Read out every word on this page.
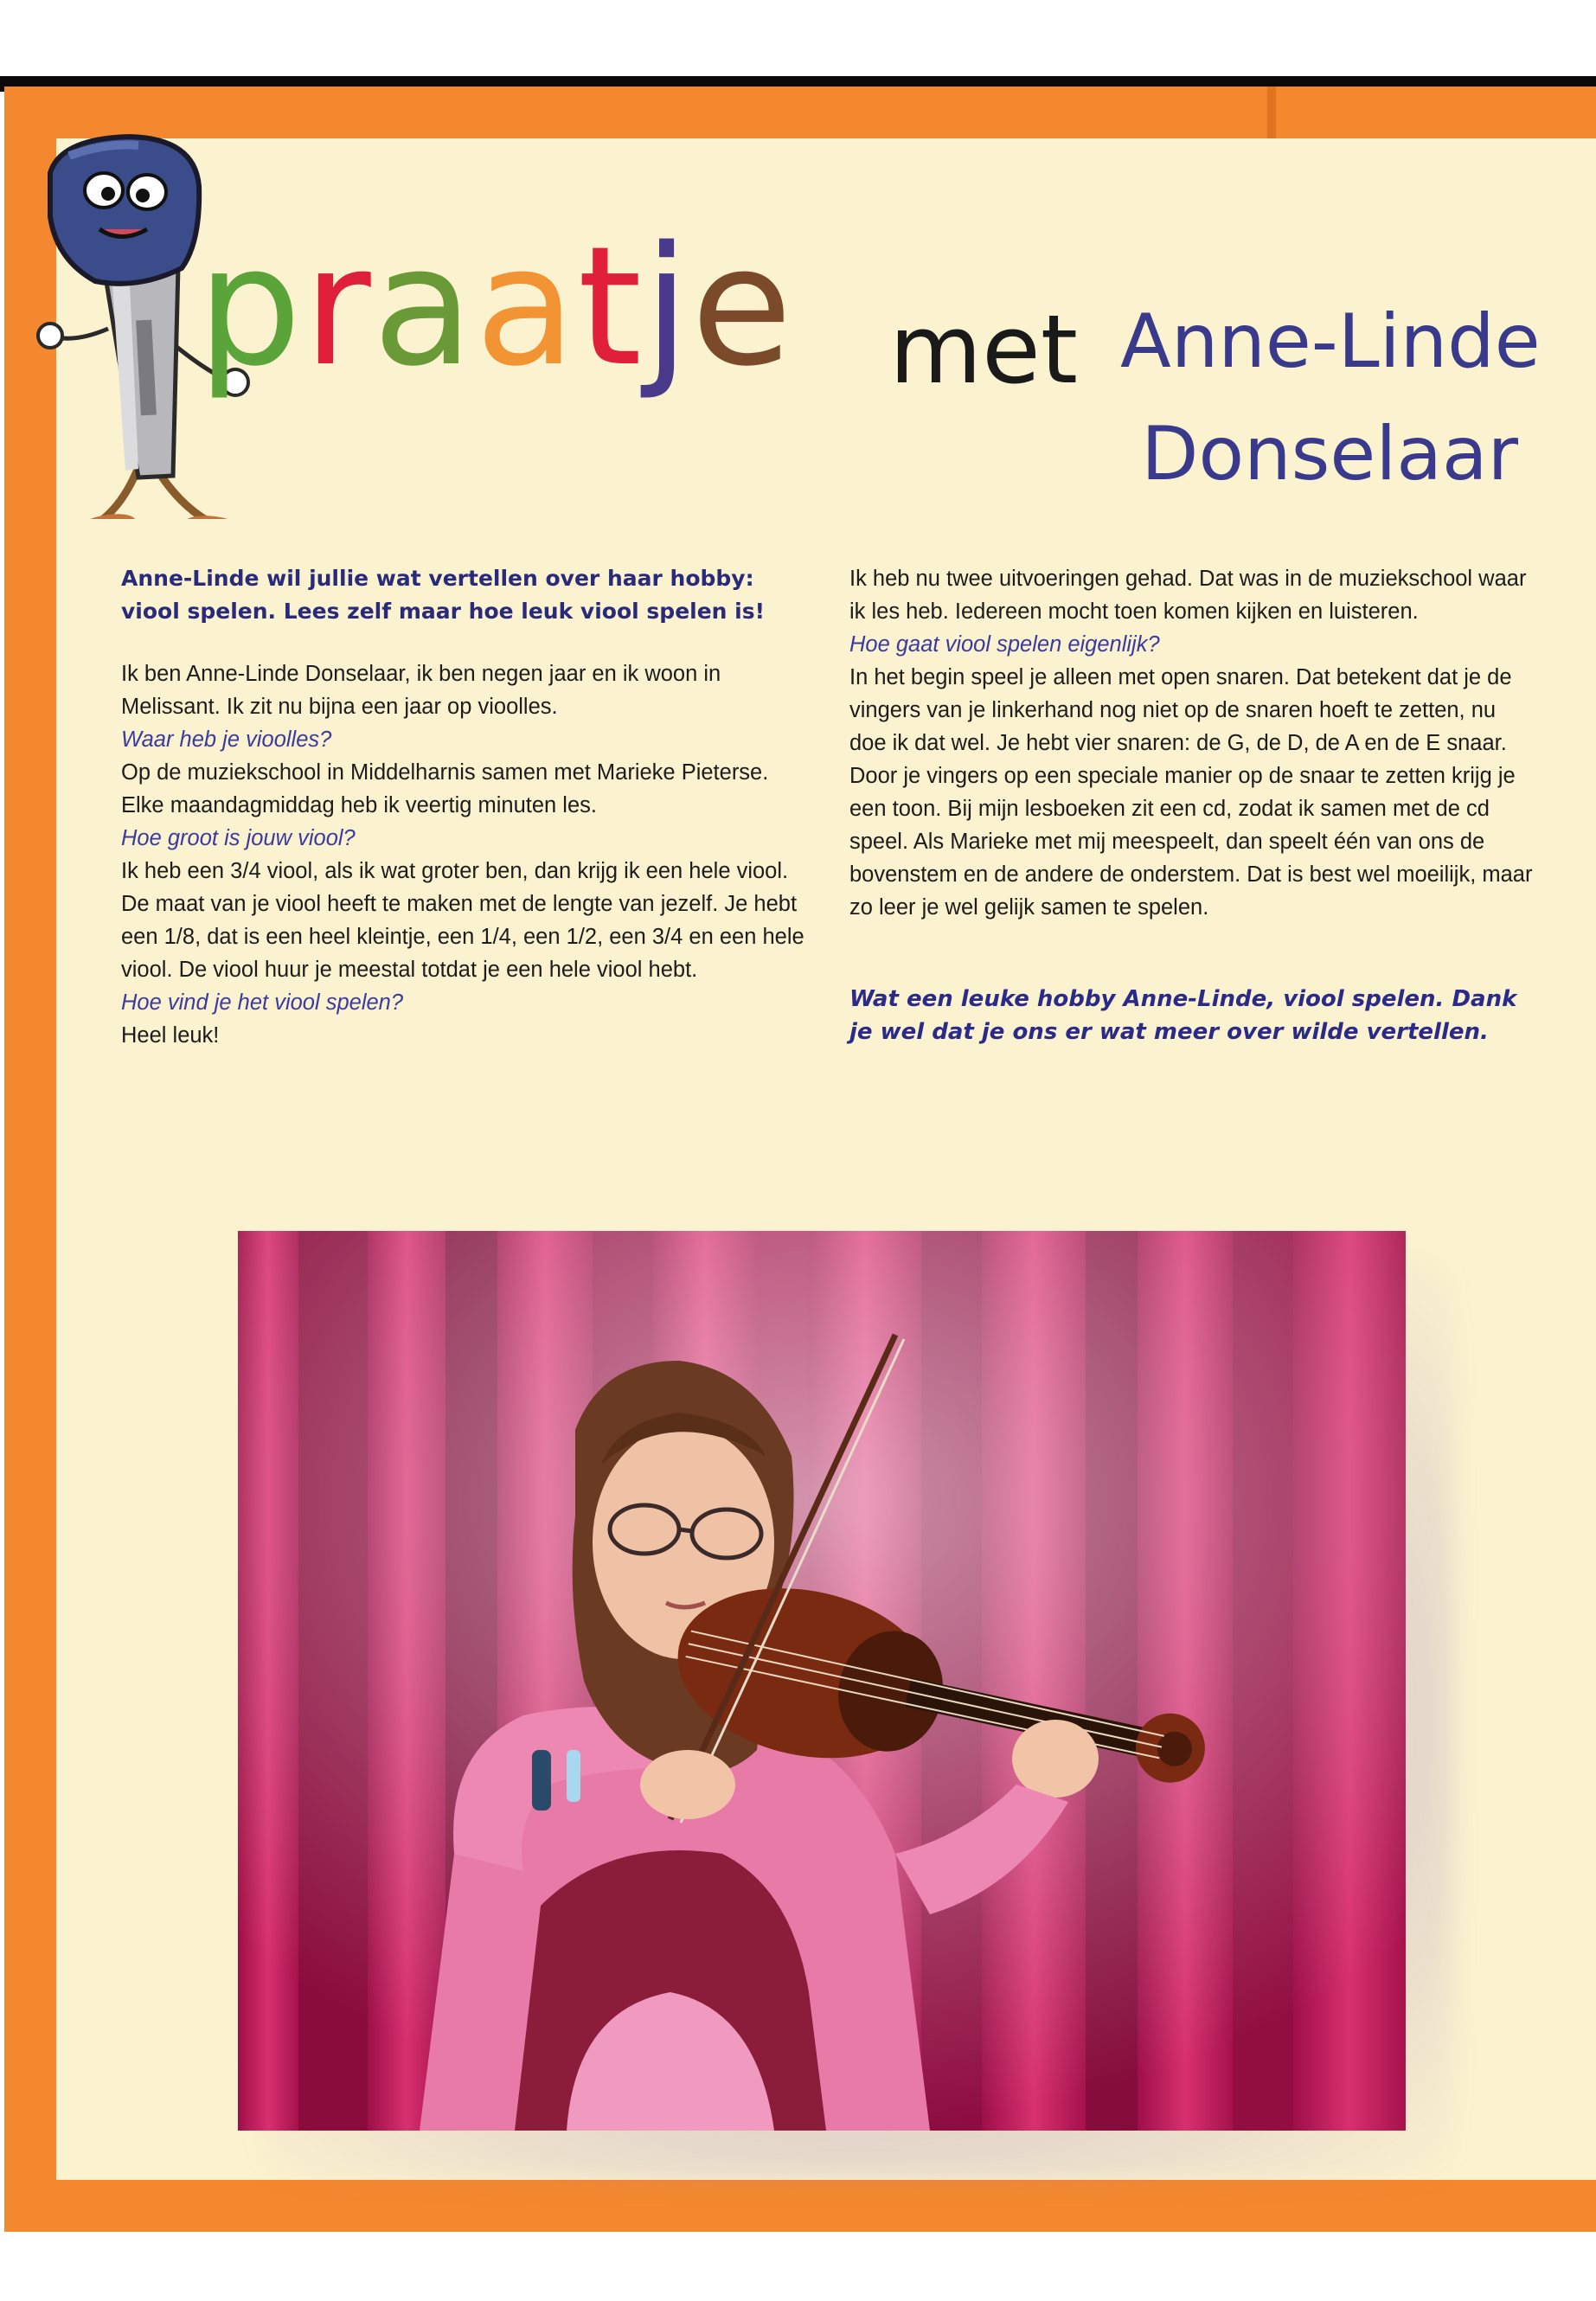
praatje met Anne-Linde
Donselaar

Anne-Linde wil jullie wat vertellen over haar hobby: viool spelen. Lees zelf maar hoe leuk viool spelen is!

Ik ben Anne-Linde Donselaar, ik ben negen jaar en ik woon in Melissant. Ik zit nu bijna een jaar op vioolles.

Waar heb je vioolles?

Op de muziekschool in Middelharnis samen met Marieke Pieterse. Elke maandagmiddag heb ik veertig minuten les.

Hoe groot is jouw viool?

Ik heb een 3/4 viool, als ik wat groter ben, dan krijg ik een hele viool. De maat van je viool heeft te maken met de lengte van jezelf. Je hebt een 1/8, dat is een heel kleintje, een 1/4, een 1/2, een 3/4 en een hele viool. De viool huur je meestal totdat je een hele viool hebt.

Hoe vind je het viool spelen?

Heel leuk!

Ik heb nu twee uitvoeringen gehad. Dat was in de muziekschool waar ik les heb. Iedereen mocht toen komen kijken en luisteren.

Hoe gaat viool spelen eigenlijk?

In het begin speel je alleen met open snaren. Dat betekent dat je de vingers van je linkerhand nog niet op de snaren hoeft te zetten, nu doe ik dat wel. Je hebt vier snaren: de G, de D, de A en de E snaar. Door je vingers op een speciale manier op de snaar te zetten krijg je een toon. Bij mijn lesboeken zit een cd, zodat ik samen met de cd speel. Als Marieke met mij meespeelt, dan speelt één van ons de bovenstem en de andere de onderstem. Dat is best wel moeilijk, maar zo leer je wel gelijk samen te spelen.

Wat een leuke hobby Anne-Linde, viool spelen. Dank je wel dat je ons er wat meer over wilde vertellen.
